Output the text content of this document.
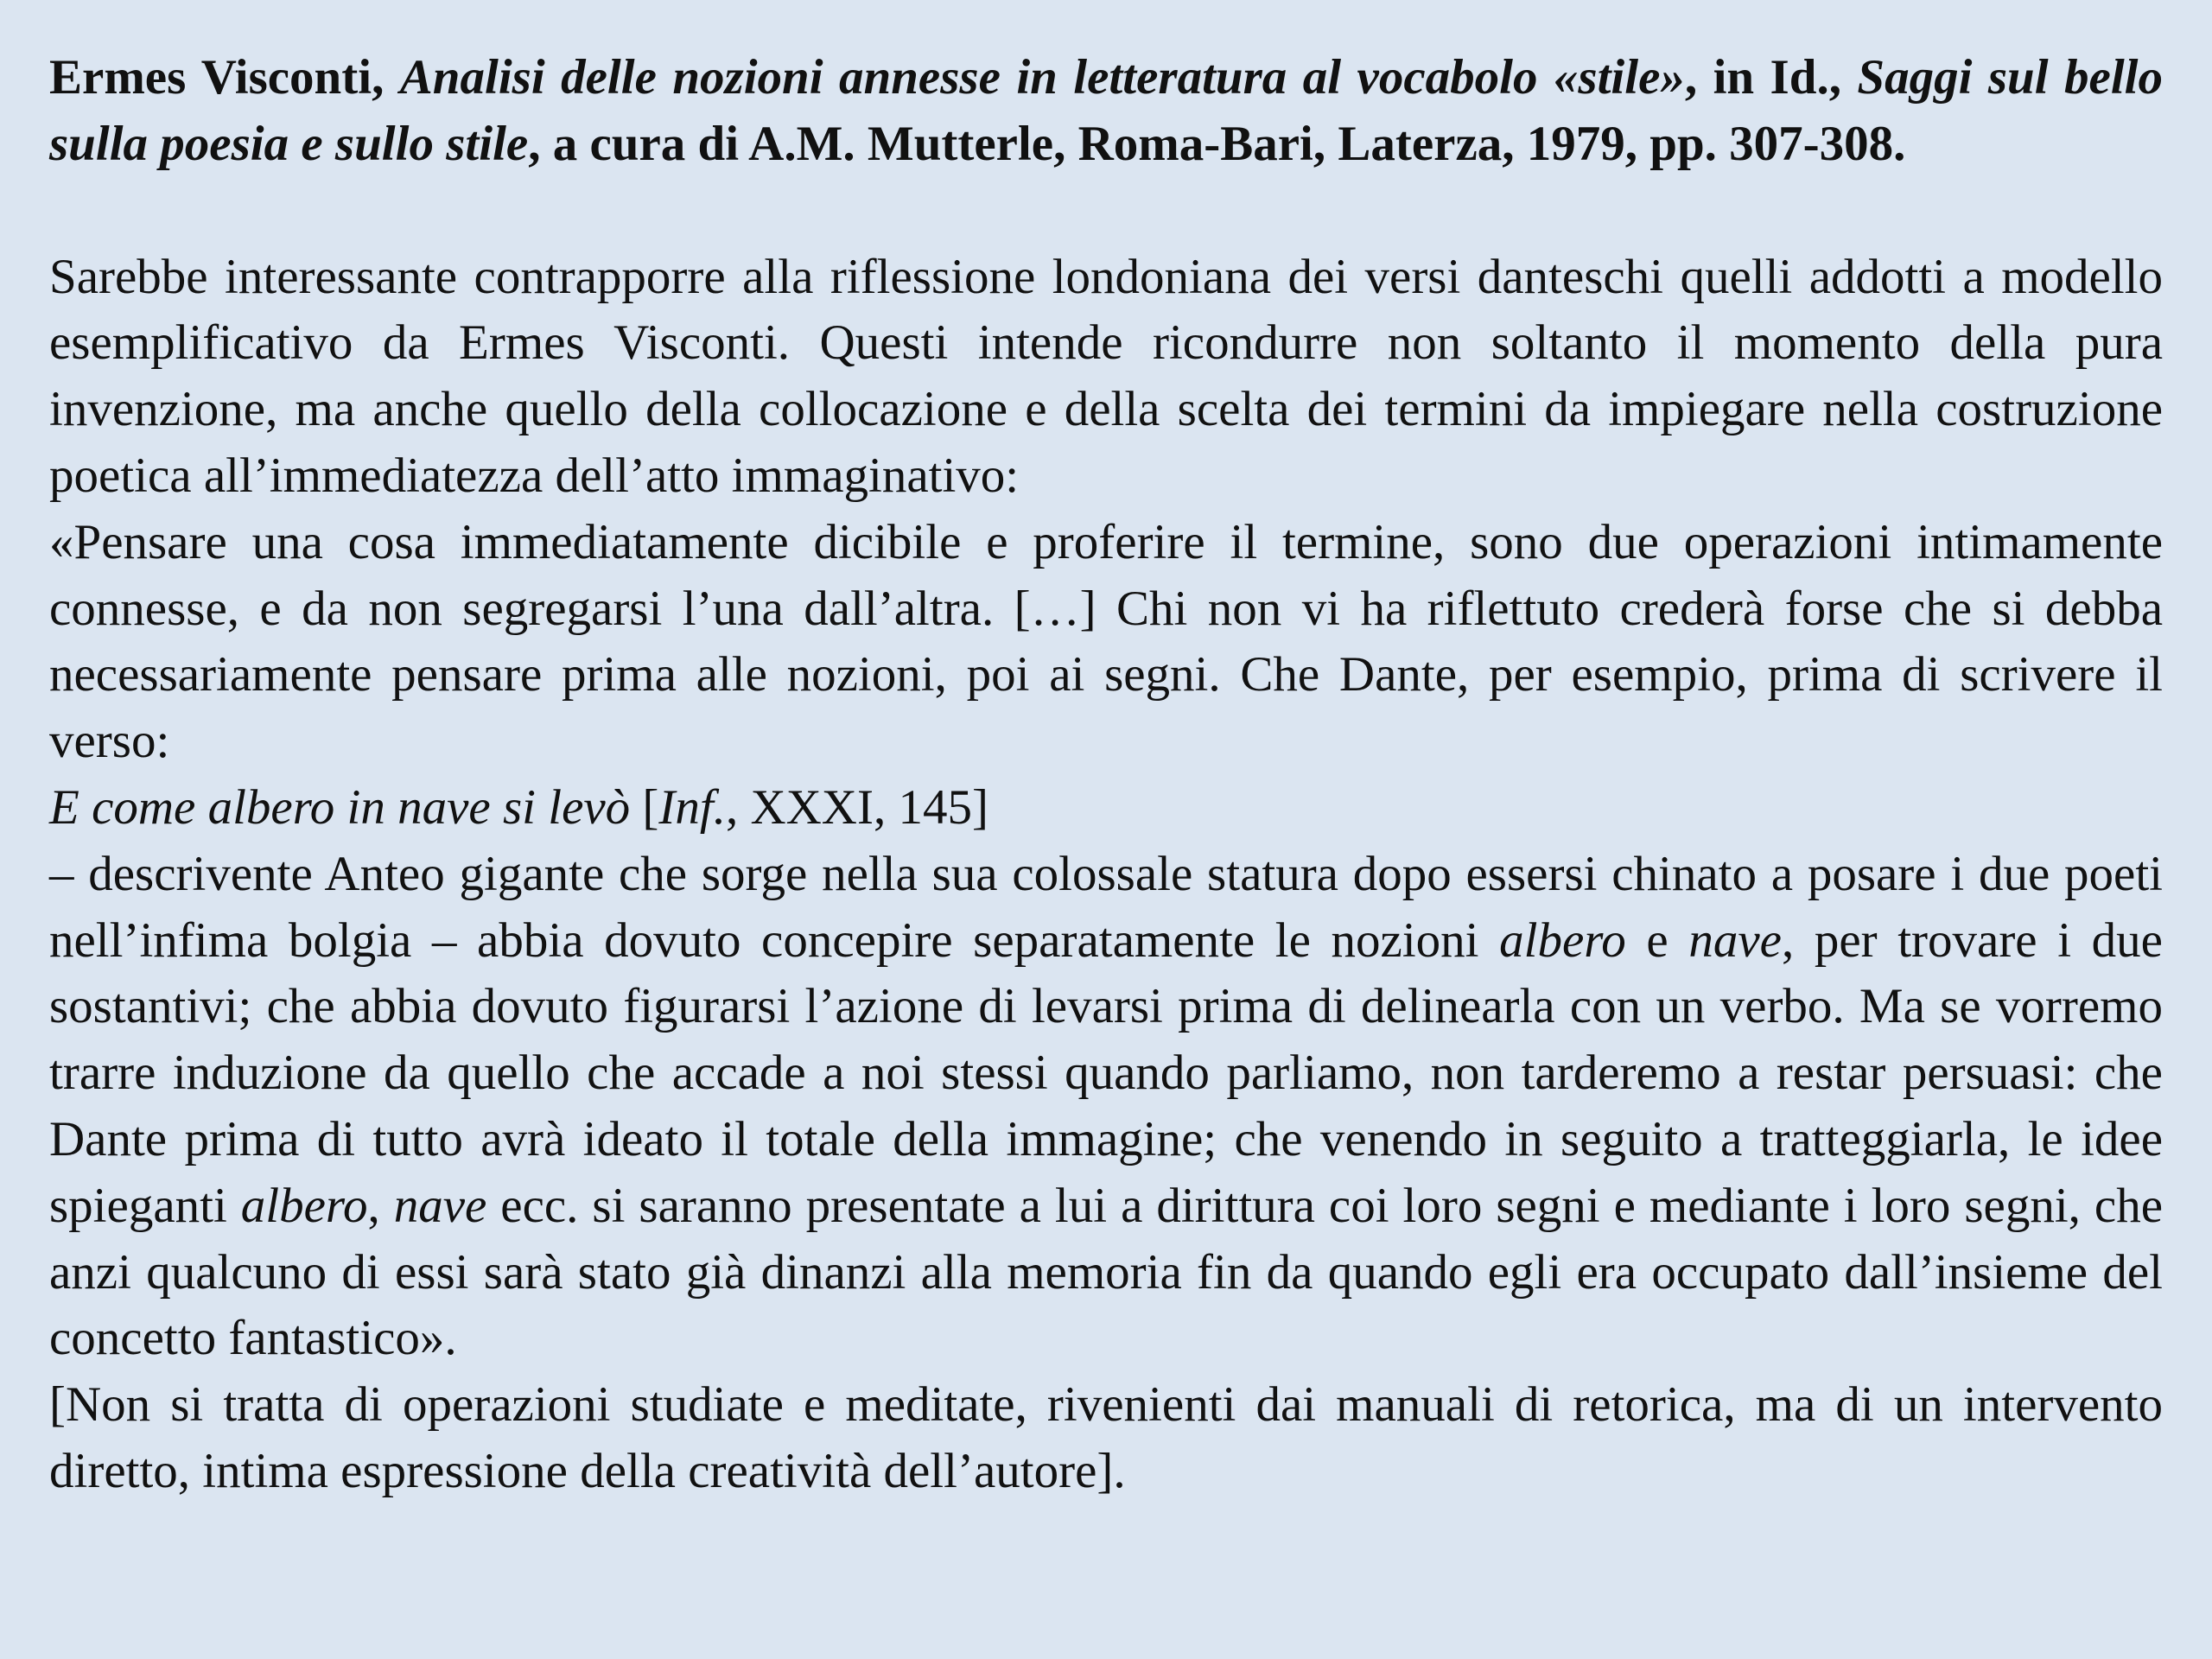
Ermes Visconti, Analisi delle nozioni annesse in letteratura al vocabolo «stile», in Id., Saggi sul bello sulla poesia e sullo stile, a cura di A.M. Mutterle, Roma-Bari, Laterza, 1979, pp. 307-308.

Sarebbe interessante contrapporre alla riflessione londoniana dei versi danteschi quelli addotti a modello esemplificativo da Ermes Visconti. Questi intende ricondurre non soltanto il momento della pura invenzione, ma anche quello della collocazione e della scelta dei termini da impiegare nella costruzione poetica all’immediatezza dell’atto immaginativo:

«Pensare una cosa immediatamente dicibile e proferire il termine, sono due operazioni intimamente connesse, e da non segregarsi l’una dall’altra. […] Chi non vi ha riflettuto crederà forse che si debba necessariamente pensare prima alle nozioni, poi ai segni. Che Dante, per esempio, prima di scrivere il verso:

E come albero in nave si levò [Inf., XXXI, 145]

– descrivente Anteo gigante che sorge nella sua colossale statura dopo essersi chinato a posare i due poeti nell’infima bolgia – abbia dovuto concepire separatamente le nozioni albero e nave, per trovare i due sostantivi; che abbia dovuto figurarsi l’azione di levarsi prima di delinearla con un verbo. Ma se vorremo trarre induzione da quello che accade a noi stessi quando parliamo, non tarderemo a restar persuasi: che Dante prima di tutto avrà ideato il totale della immagine; che venendo in seguito a tratteggiarla, le idee spieganti albero, nave ecc. si saranno presentate a lui a dirittura coi loro segni e mediante i loro segni, che anzi qualcuno di essi sarà stato già dinanzi alla memoria fin da quando egli era occupato dall’insieme del concetto fantastico».

[Non si tratta di operazioni studiate e meditate, rivenienti dai manuali di retorica, ma di un intervento diretto, intima espressione della creatività dell’autore].
